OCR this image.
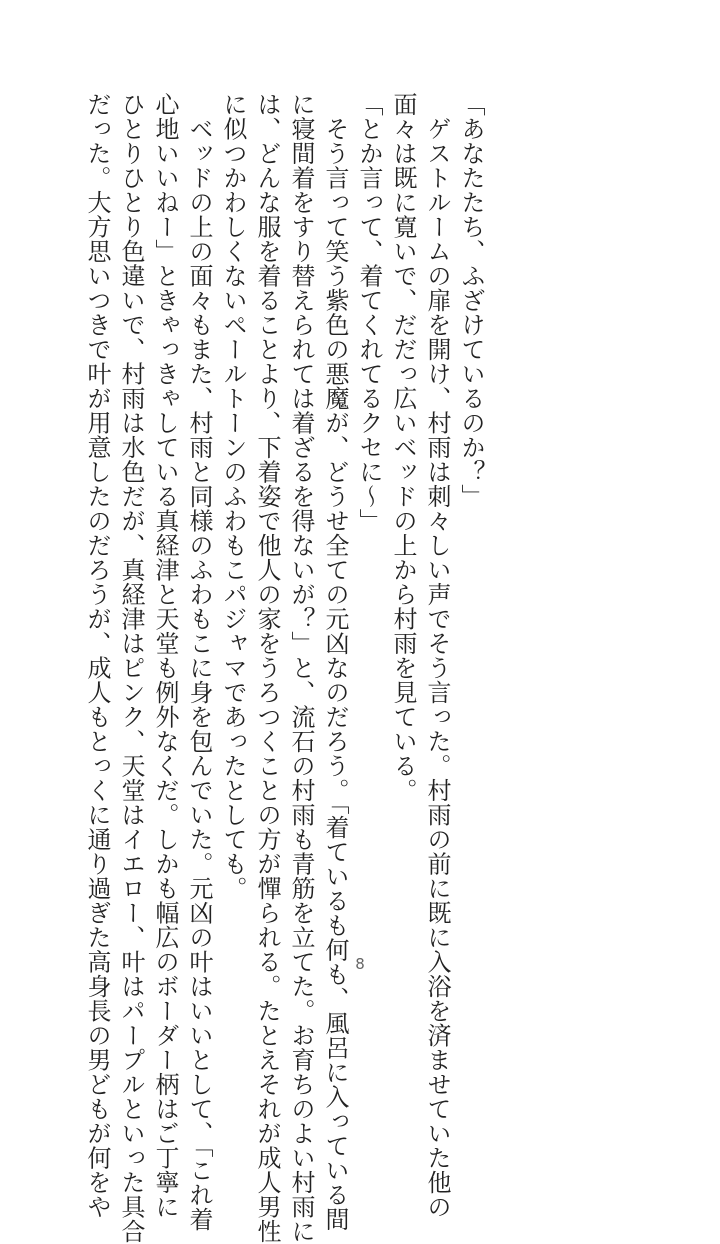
「あなたたち、ふざけているのか？」

　ゲストルームの扉を開け、村雨は刺々しい声でそう言った。村雨の前に既に入浴を済ませていた他の

面々は既に寛いで、だだっ広いベッドの上から村雨を見ている。

「とか言って、着てくれてるクセに〜」

　そう言って笑う紫色の悪魔が、どうせ全ての元凶なのだろう。「着ているも何も、風呂に入っている間

に寝間着をすり替えられては着ざるを得ないが？」と、流石の村雨も青筋を立てた。お育ちのよい村雨に

は、どんな服を着ることより、下着姿で他人の家をうろつくことの方が憚られる。たとえそれが成人男性

に似つかわしくないペールトーンのふわもこパジャマであったとしても。

　ベッドの上の面々もまた、村雨と同様のふわもこに身を包んでいた。元凶の叶はいいとして、「これ着

心地いいねー」ときゃっきゃしている真経津と天堂も例外なくだ。しかも幅広のボーダー柄はご丁寧に

ひとりひとり色違いで、村雨は水色だが、真経津はピンク、天堂はイエロー、叶はパープルといった具合

だった。大方思いつきで叶が用意したのだろうが、成人もとっくに通り過ぎた高身長の男どもが何をや	8
